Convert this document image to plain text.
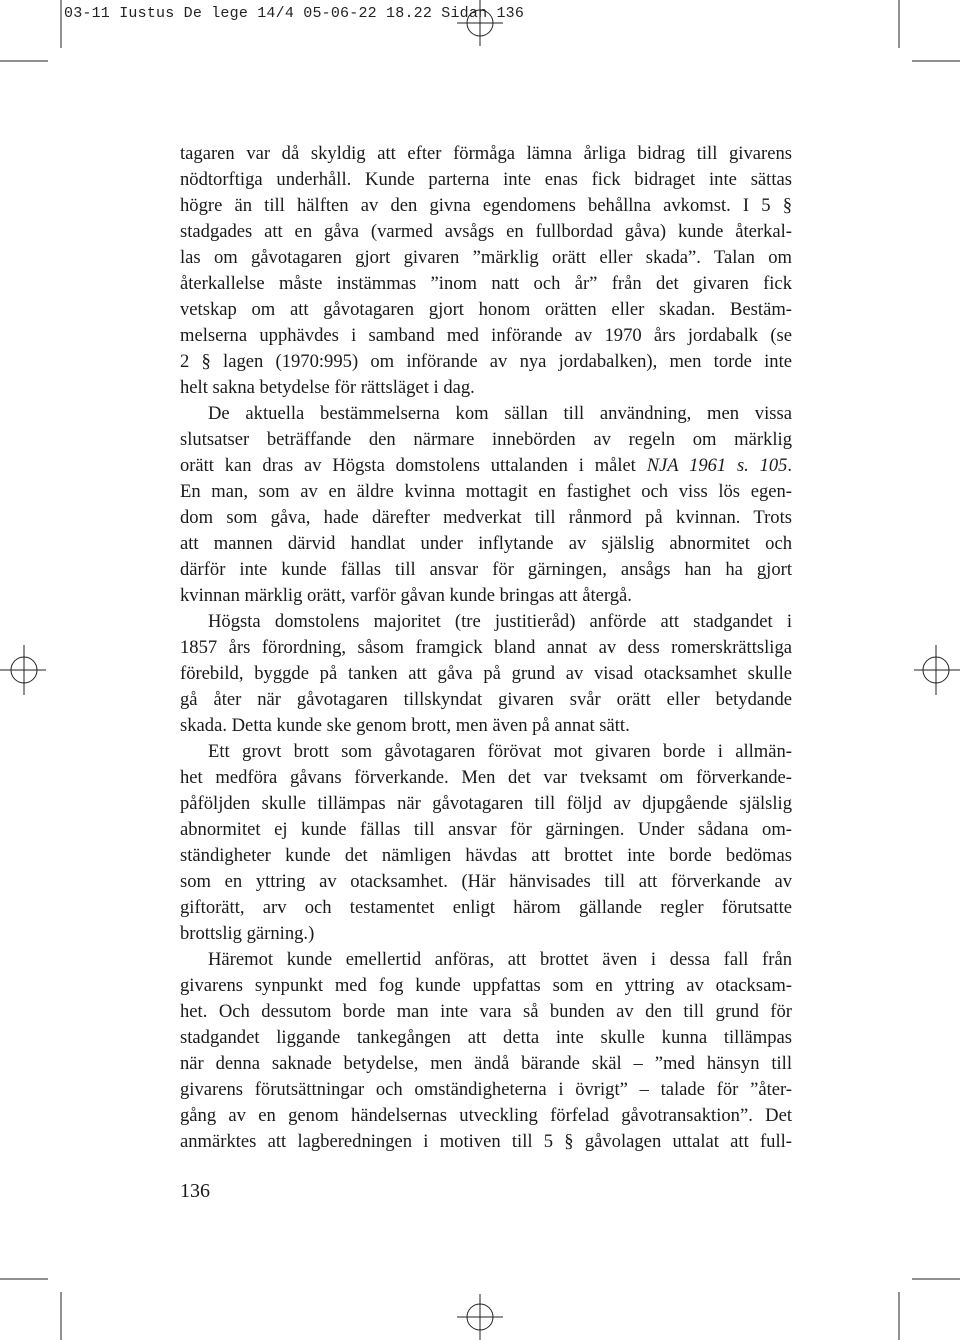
03-11 Iustus De lege 14/4 05-06-22 18.22 Sidan 136
tagaren var då skyldig att efter förmåga lämna årliga bidrag till givarens
nödtorftiga underhåll. Kunde parterna inte enas fick bidraget inte sättas
högre än till hälften av den givna egendomens behållna avkomst. I 5 §
stadgades att en gåva (varmed avsågs en fullbordad gåva) kunde återkal-
las om gåvotagaren gjort givaren ”märklig orätt eller skada”. Talan om
återkallelse måste instämmas ”inom natt och år” från det givaren fick
vetskap om att gåvotagaren gjort honom orätten eller skadan. Bestäm-
melserna upphävdes i samband med införande av 1970 års jordabalk (se
2 § lagen (1970:995) om införande av nya jordabalken), men torde inte
helt sakna betydelse för rättsläget i dag.
De aktuella bestämmelserna kom sällan till användning, men vissa
slutsatser beträffande den närmare innebörden av regeln om märklig
orätt kan dras av Högsta domstolens uttalanden i målet NJA 1961 s. 105.
En man, som av en äldre kvinna mottagit en fastighet och viss lös egen-
dom som gåva, hade därefter medverkat till rånmord på kvinnan. Trots
att mannen därvid handlat under inflytande av själslig abnormitet och
därför inte kunde fällas till ansvar för gärningen, ansågs han ha gjort
kvinnan märklig orätt, varför gåvan kunde bringas att återgå.
Högsta domstolens majoritet (tre justitieråd) anförde att stadgandet i
1857 års förordning, såsom framgick bland annat av dess romerskrättsliga
förebild, byggde på tanken att gåva på grund av visad otacksamhet skulle
gå åter när gåvotagaren tillskyndat givaren svår orätt eller betydande
skada. Detta kunde ske genom brott, men även på annat sätt.
Ett grovt brott som gåvotagaren förövat mot givaren borde i allmän-
het medföra gåvans förverkande. Men det var tveksamt om förverkande-
påföljden skulle tillämpas när gåvotagaren till följd av djupgående själslig
abnormitet ej kunde fällas till ansvar för gärningen. Under sådana om-
ständigheter kunde det nämligen hävdas att brottet inte borde bedömas
som en yttring av otacksamhet. (Här hänvisades till att förverkande av
giftorätt, arv och testamentet enligt härom gällande regler förutsatte
brottslig gärning.)
Häremot kunde emellertid anföras, att brottet även i dessa fall från
givarens synpunkt med fog kunde uppfattas som en yttring av otacksam-
het. Och dessutom borde man inte vara så bunden av den till grund för
stadgandet liggande tankegången att detta inte skulle kunna tillämpas
när denna saknade betydelse, men ändå bärande skäl – ”med hänsyn till
givarens förutsättningar och omständigheterna i övrigt” – talade för ”åter-
gång av en genom händelsernas utveckling förfelad gåvotransaktion”. Det
anmärktes att lagberedningen i motiven till 5 § gåvolagen uttalat att full-
136
